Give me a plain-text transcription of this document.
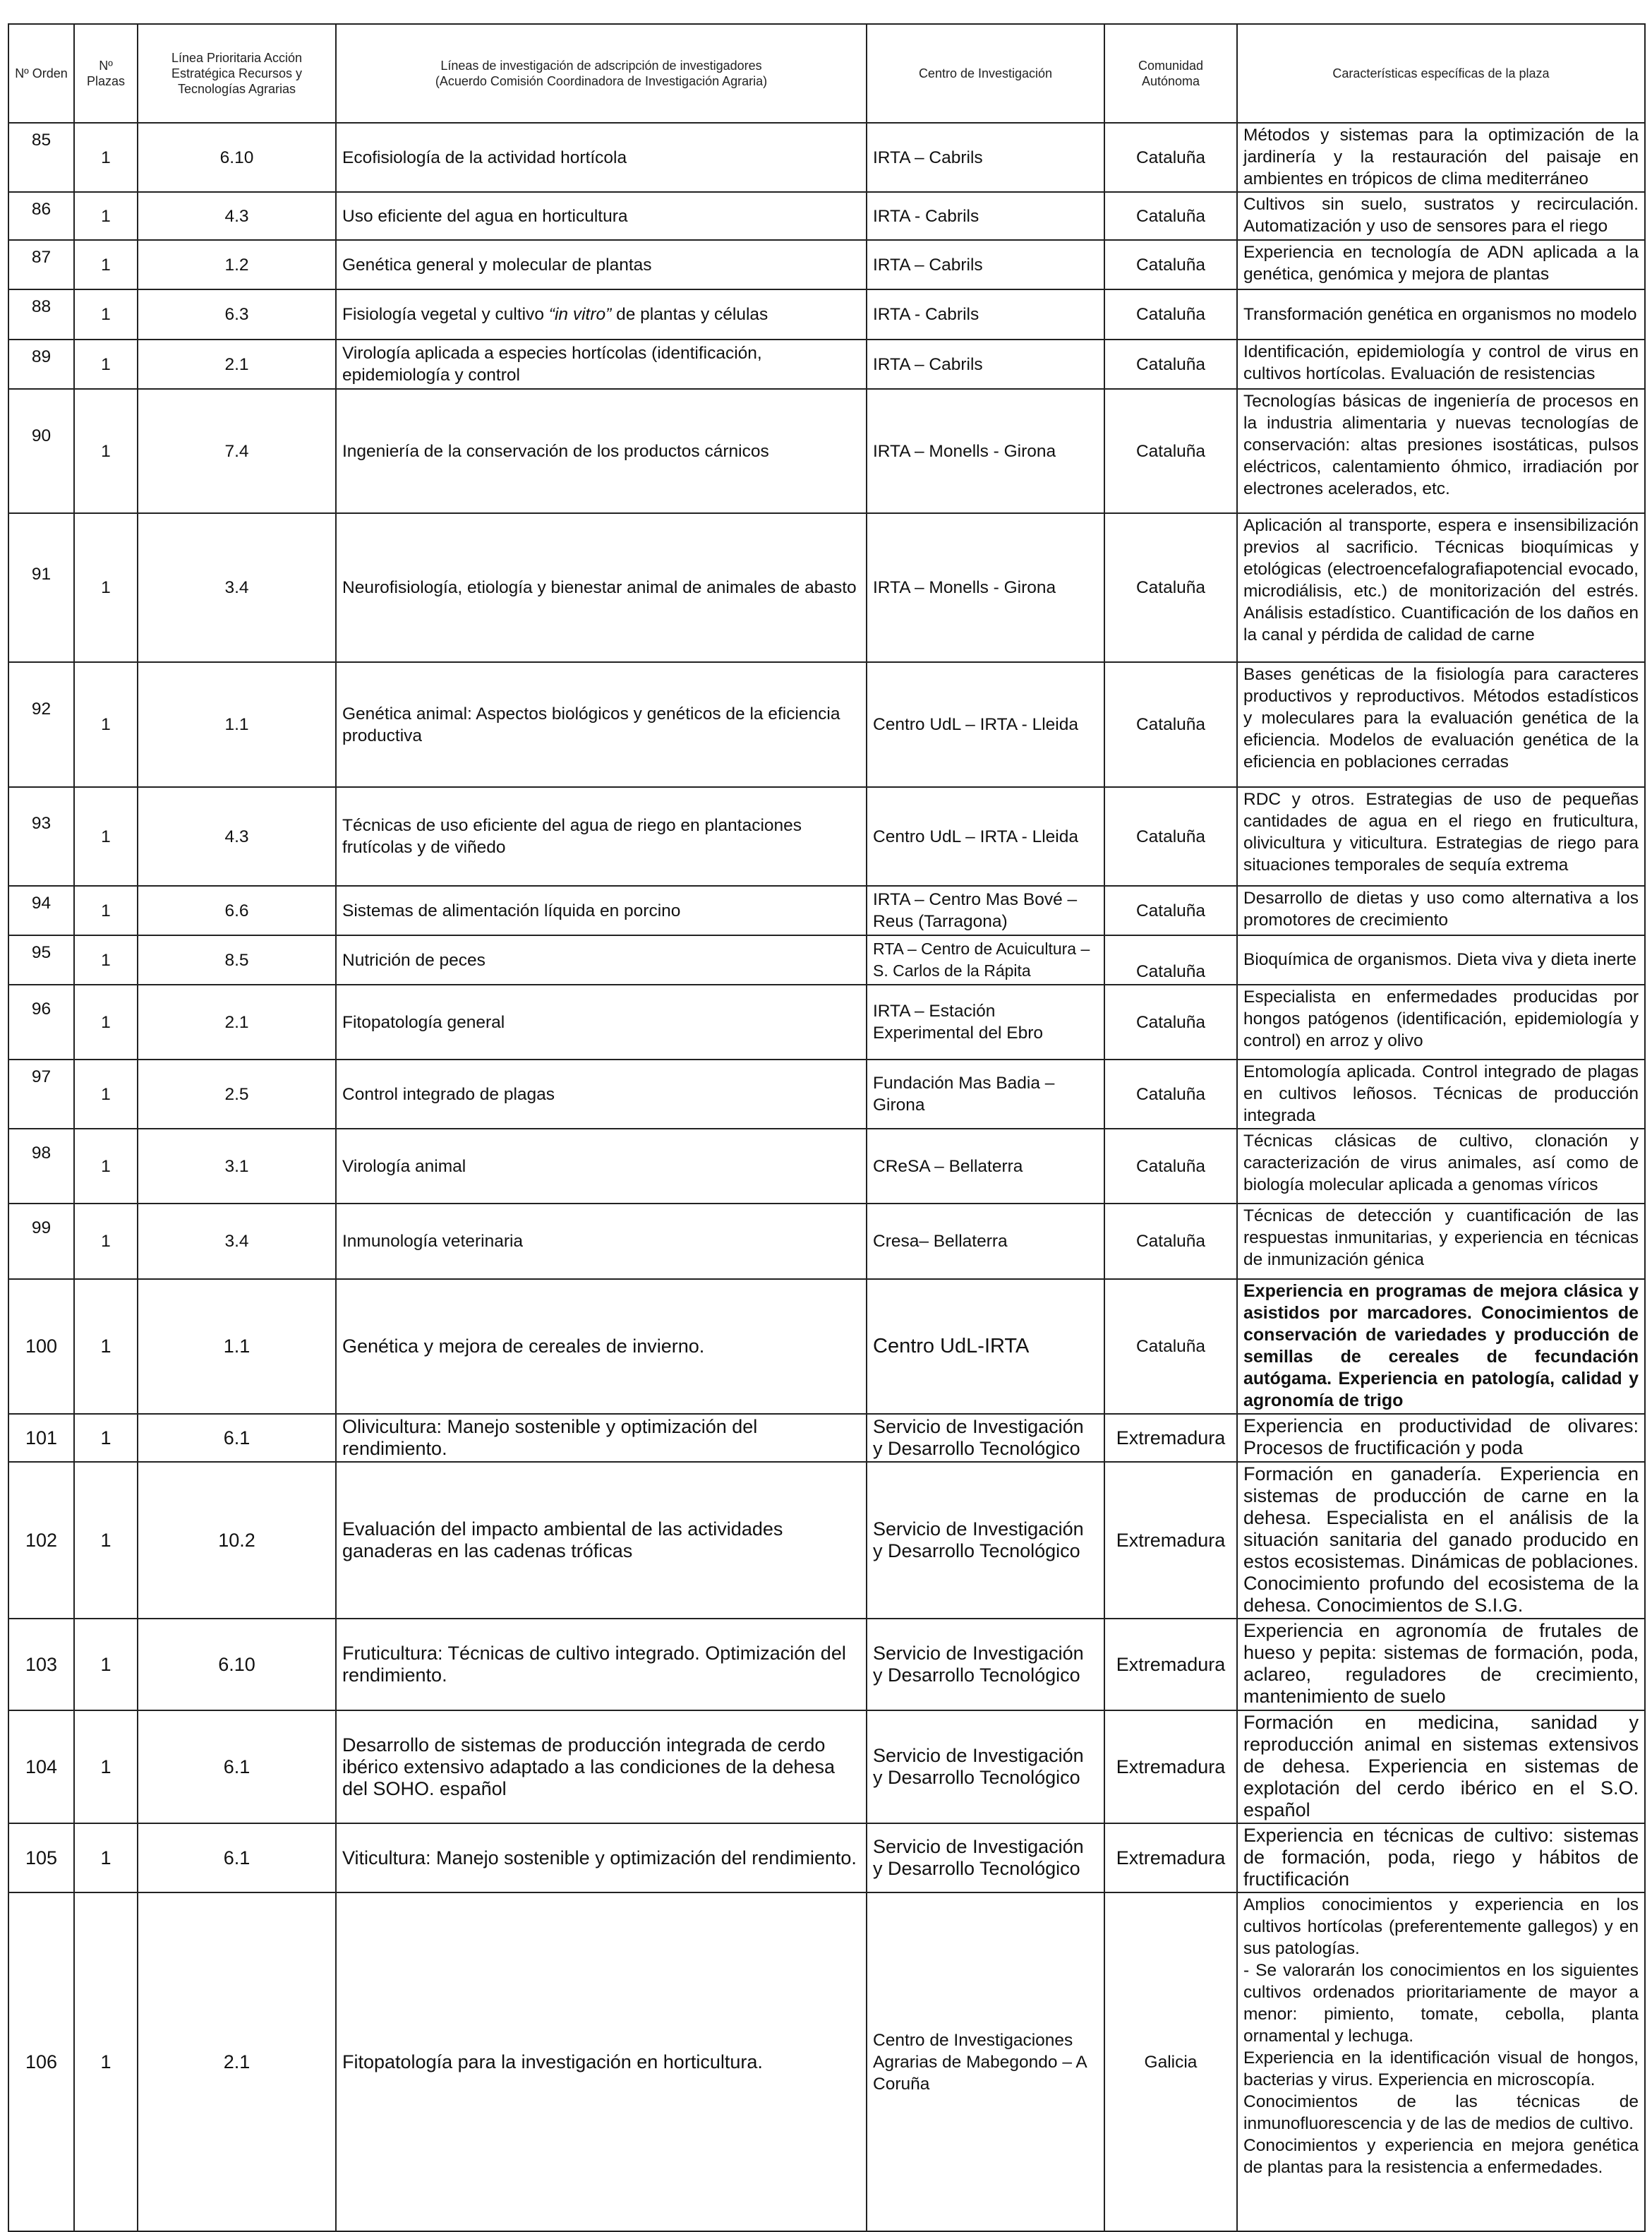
Nº Orden	Nº Plazas	Línea Prioritaria Acción Estratégica Recursos y Tecnologías Agrarias	Líneas de investigación de adscripción de investigadores
(Acuerdo Comisión Coordinadora de Investigación Agraria)	Centro de Investigación	Comunidad Autónoma	Características específicas de la plaza
85	1	6.10	Ecofisiología de la actividad hortícola	IRTA – Cabrils	Cataluña	Métodos y sistemas para la optimización de la jardinería y la restauración del paisaje en ambientes en trópicos de clima mediterráneo
86	1	4.3	Uso eficiente del agua en horticultura	IRTA - Cabrils	Cataluña	Cultivos sin suelo, sustratos y recirculación. Automatización y uso de sensores para el riego
87	1	1.2	Genética general y molecular de plantas	IRTA – Cabrils	Cataluña	Experiencia en tecnología de ADN aplicada a la genética, genómica y mejora de plantas
88	1	6.3	Fisiología vegetal y cultivo “in vitro” de plantas y células	IRTA - Cabrils	Cataluña	Transformación genética en organismos no modelo
89	1	2.1	Virología aplicada a especies hortícolas (identificación, epidemiología y control	IRTA – Cabrils	Cataluña	Identificación, epidemiología y control de virus en cultivos hortícolas. Evaluación de resistencias
90	1	7.4	Ingeniería de la conservación de los productos cárnicos	IRTA – Monells - Girona	Cataluña	Tecnologías básicas de ingeniería de procesos en la industria alimentaria y nuevas tecnologías de conservación: altas presiones isostáticas, pulsos eléctricos, calentamiento óhmico, irradiación por electrones acelerados, etc.
91	1	3.4	Neurofisiología, etiología y bienestar animal de animales de abasto	IRTA – Monells - Girona	Cataluña	Aplicación al transporte, espera e insensibilización previos al sacrificio. Técnicas bioquímicas y etológicas (electroencefalografiapotencial evocado, microdiálisis, etc.) de monitorización del estrés. Análisis estadístico. Cuantificación de los daños en la canal y pérdida de calidad de carne
92	1	1.1	Genética animal: Aspectos biológicos y genéticos de la eficiencia productiva	Centro UdL – IRTA - Lleida	Cataluña	Bases genéticas de la fisiología para caracteres productivos y reproductivos. Métodos estadísticos y moleculares para la evaluación genética de la eficiencia. Modelos de evaluación genética de la eficiencia en poblaciones cerradas
93	1	4.3	Técnicas de uso eficiente del agua de riego en plantaciones frutícolas y de viñedo	Centro UdL – IRTA - Lleida	Cataluña	RDC y otros. Estrategias de uso de pequeñas cantidades de agua en el riego en fruticultura, olivicultura y viticultura. Estrategias de riego para situaciones temporales de sequía extrema
94	1	6.6	Sistemas de alimentación líquida en porcino	IRTA – Centro Mas Bové – Reus (Tarragona)	Cataluña	Desarrollo de dietas y uso como alternativa a los promotores de crecimiento
95	1	8.5	Nutrición de peces	RTA – Centro de Acuicultura – S. Carlos de la Rápita	Cataluña	Bioquímica de organismos. Dieta viva y dieta inerte
96	1	2.1	Fitopatología general	IRTA – Estación Experimental del Ebro	Cataluña	Especialista en enfermedades producidas por hongos patógenos (identificación, epidemiología y control) en arroz y olivo
97	1	2.5	Control integrado de plagas	Fundación Mas Badia – Girona	Cataluña	Entomología aplicada. Control integrado de plagas en cultivos leñosos. Técnicas de producción integrada
98	1	3.1	Virología animal	CReSA – Bellaterra	Cataluña	Técnicas clásicas de cultivo, clonación y caracterización de virus animales, así como de biología molecular aplicada a genomas víricos
99	1	3.4	Inmunología veterinaria	Cresa– Bellaterra	Cataluña	Técnicas de detección y cuantificación de las respuestas inmunitarias, y experiencia en técnicas de inmunización génica
100	1	1.1	Genética y mejora de cereales de invierno.	Centro UdL-IRTA	Cataluña	Experiencia en programas de mejora clásica y asistidos por marcadores. Conocimientos de conservación de variedades y producción de semillas de cereales de fecundación autógama. Experiencia en patología, calidad y agronomía de trigo
101	1	6.1	Olivicultura: Manejo sostenible y optimización del rendimiento.	Servicio de Investigación y Desarrollo Tecnológico	Extremadura	Experiencia en productividad de olivares: Procesos de fructificación y poda
102	1	10.2	Evaluación del impacto ambiental de las actividades ganaderas en las cadenas tróficas	Servicio de Investigación y Desarrollo Tecnológico	Extremadura	Formación en ganadería. Experiencia en sistemas de producción de carne en la dehesa. Especialista en el análisis de la situación sanitaria del ganado producido en estos ecosistemas. Dinámicas de poblaciones. Conocimiento profundo del ecosistema de la dehesa. Conocimientos de S.I.G.
103	1	6.10	Fruticultura: Técnicas de cultivo integrado. Optimización del rendimiento.	Servicio de Investigación y Desarrollo Tecnológico	Extremadura	Experiencia en agronomía de frutales de hueso y pepita: sistemas de formación, poda, aclareo, reguladores de crecimiento, mantenimiento de suelo
104	1	6.1	Desarrollo de sistemas de producción integrada de cerdo ibérico extensivo adaptado a las condiciones de la dehesa del SOHO. español	Servicio de Investigación y Desarrollo Tecnológico	Extremadura	Formación en medicina, sanidad y reproducción animal en sistemas extensivos de dehesa. Experiencia en sistemas de explotación del cerdo ibérico en el S.O. español
105	1	6.1	Viticultura: Manejo sostenible y optimización del rendimiento.	Servicio de Investigación y Desarrollo Tecnológico	Extremadura	Experiencia en técnicas de cultivo: sistemas de formación, poda, riego y hábitos de fructificación
106	1	2.1	Fitopatología para la investigación en horticultura.	Centro de Investigaciones Agrarias de Mabegondo – A Coruña	Galicia	Amplios conocimientos y experiencia en los cultivos hortícolas (preferentemente gallegos) y en sus patologías.
- Se valorarán los conocimientos en los siguientes cultivos ordenados prioritariamente de mayor a menor: pimiento, tomate, cebolla, planta ornamental y lechuga.
Experiencia en la identificación visual de hongos, bacterias y virus. Experiencia en microscopía.
Conocimientos de las técnicas de inmunofluorescencia y de las de medios de cultivo.
Conocimientos y experiencia en mejora genética de plantas para la resistencia a enfermedades.
